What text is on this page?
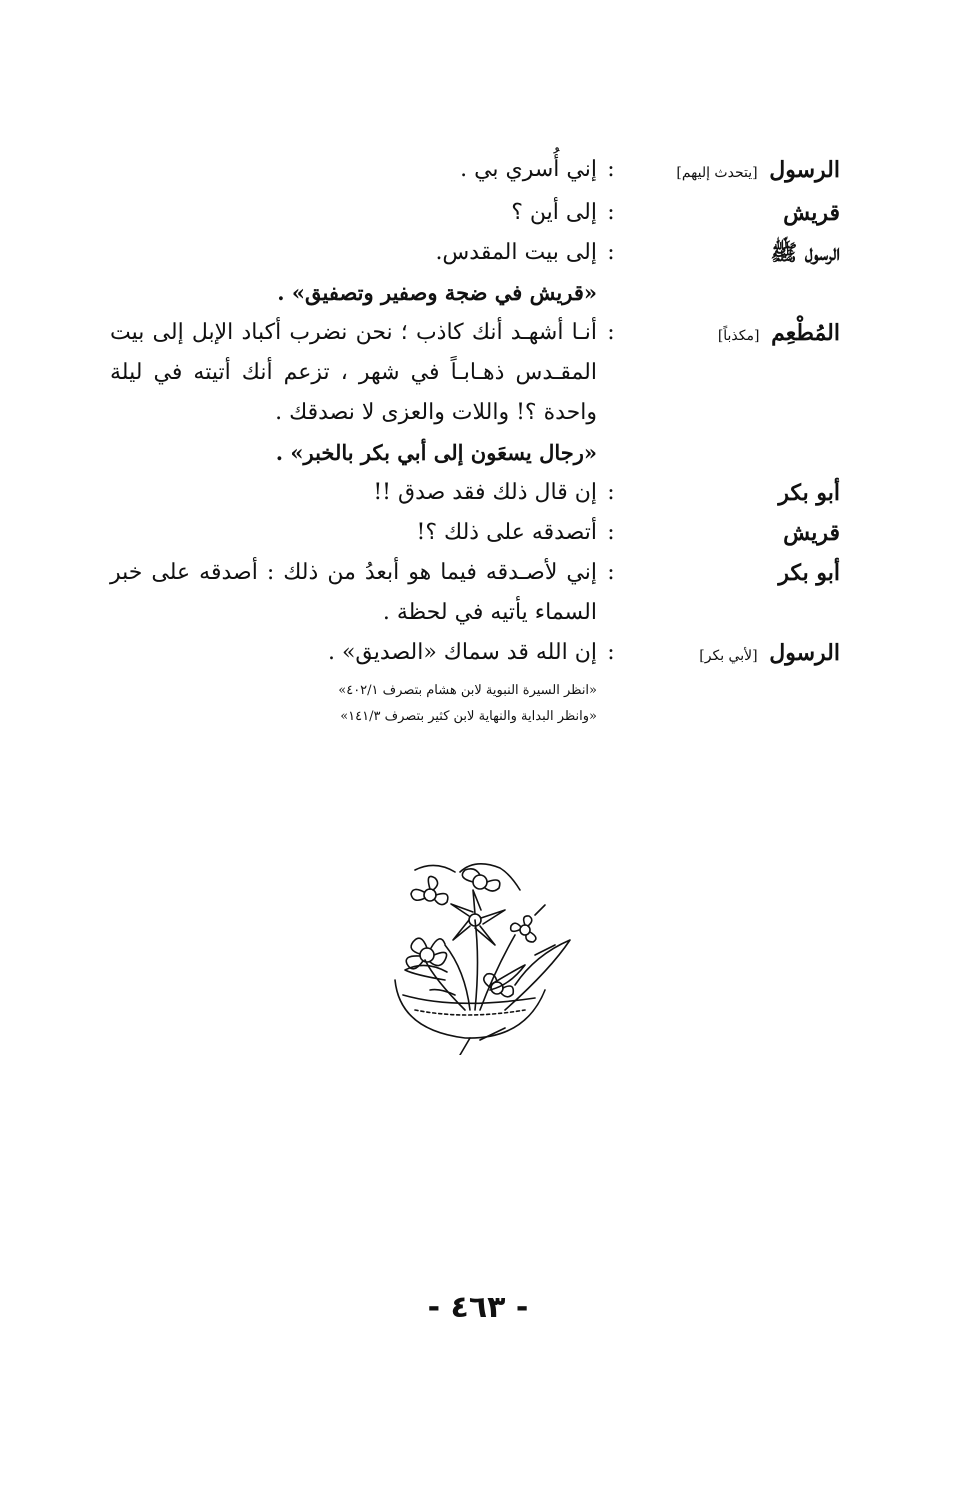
الرسول [يتحدث إليهم]
:
إني أُسري بي .
قريش
:
إلى أين ؟
الرسول ﷺ
:
إلى بيت المقدس.
«قريش في ضجة وصفير وتصفيق» .
المُطْعِم [مكذباً]
:
أنـا أشهـد أنك كاذب ؛ نحن نضرب أكباد الإبل إلى بيت المقـدس ذهـابـاً في شهر ، تزعم أنك أتيته في ليلة واحدة ؟! واللات والعزى لا نصدقك .
«رجال يسعَون إلى أبي بكر بالخبر» .
أبو بكر
:
إن قال ذلك فقد صدق !!
قريش
:
أتصدقه على ذلك ؟!
أبو بكر
:
إني لأصـدقه فيما هو أبعدُ من ذلك : أصدقه على خبر السماء يأتيه في لحظة .
الرسول [لأبي بكر]
:
إن الله قد سماك «الصديق» .
«انظر السيرة النبوية لابن هشام بتصرف ٤٠٢/١»
«وانظر البداية والنهاية لابن كثير بتصرف ١٤١/٣»
- ٤٦٣ -
